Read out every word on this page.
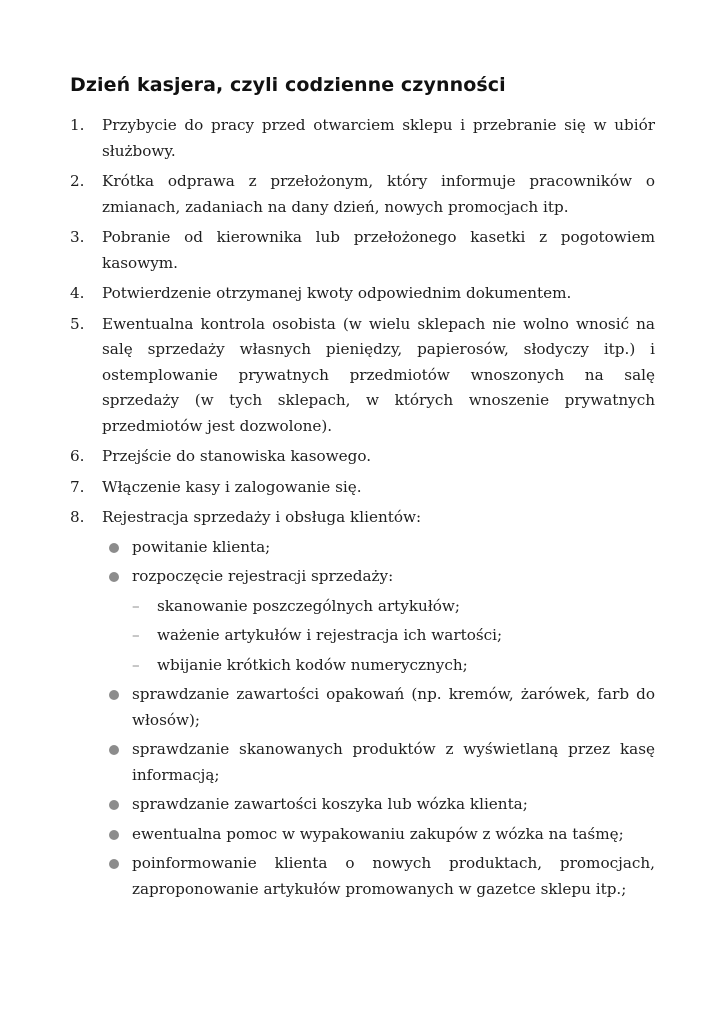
Dzień kasjera, czyli codzienne czynności
1. Przybycie do pracy przed otwarciem sklepu i przebranie się w ubiór służbowy.
2. Krótka odprawa z przełożonym, który informuje pracowników o zmianach, zadaniach na dany dzień, nowych promocjach itp.
3. Pobranie od kierownika lub przełożonego kasetki z pogotowiem kasowym.
4. Potwierdzenie otrzymanej kwoty odpowiednim dokumentem.
5. Ewentualna kontrola osobista (w wielu sklepach nie wolno wnosić na salę sprzedaży własnych pieniędzy, papierosów, słodyczy itp.) i ostemplowanie prywatnych przedmiotów wnoszonych na salę sprzedaży (w tych sklepach, w których wnoszenie prywatnych przedmiotów jest dozwolone).
6. Przejście do stanowiska kasowego.
7. Włączenie kasy i zalogowanie się.
8. Rejestracja sprzedaży i obsługa klientów:
powitanie klienta;
rozpoczęcie rejestracji sprzedaży:
– skanowanie poszczególnych artykułów;
– ważenie artykułów i rejestracja ich wartości;
– wbijanie krótkich kodów numerycznych;
sprawdzanie zawartości opakowań (np. kremów, żarówek, farb do włosów);
sprawdzanie skanowanych produktów z wyświetlaną przez kasę informacją;
sprawdzanie zawartości koszyka lub wózka klienta;
ewentualna pomoc w wypakowaniu zakupów z wózka na taśmę;
poinformowanie klienta o nowych produktach, promocjach, zaproponowanie artykułów promowanych w gazetce sklepu itp.;
